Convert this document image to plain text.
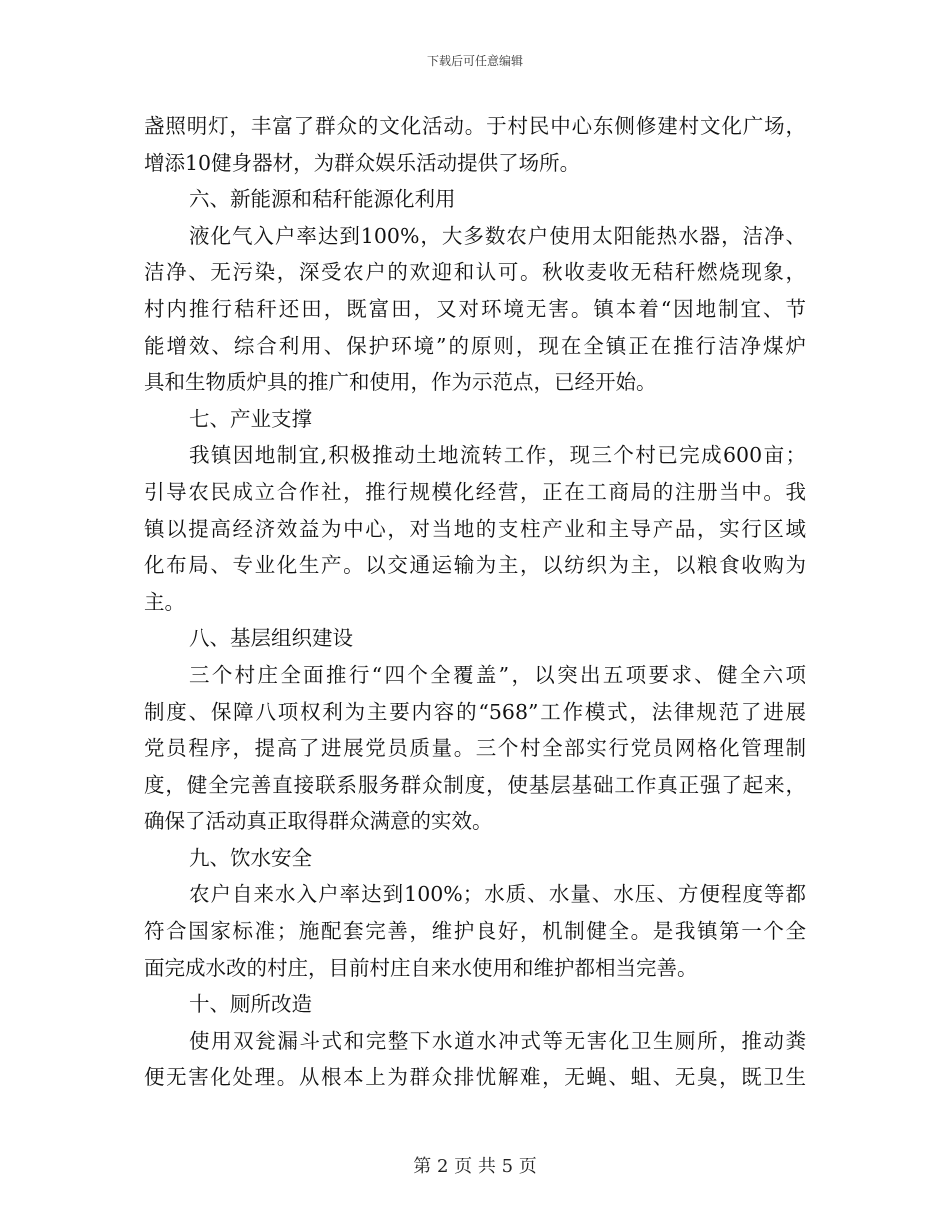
下载后可任意编辑
盏照明灯，丰富了群众的文化活动。于村民中心东侧修建村文化广场，
增添10健身器材，为群众娱乐活动提供了场所。
六、新能源和秸秆能源化利用
液化气入户率达到100%，大多数农户使用太阳能热水器，洁净、
洁净、无污染，深受农户的欢迎和认可。秋收麦收无秸秆燃烧现象，
村内推行秸秆还田，既富田，又对环境无害。镇本着“因地制宜、节
能增效、综合利用、保护环境”的原则，现在全镇正在推行洁净煤炉
具和生物质炉具的推广和使用，作为示范点，已经开始。
七、产业支撑
我镇因地制宜,积极推动土地流转工作，现三个村已完成600亩；
引导农民成立合作社，推行规模化经营，正在工商局的注册当中。我
镇以提高经济效益为中心，对当地的支柱产业和主导产品，实行区域
化布局、专业化生产。以交通运输为主，以纺织为主，以粮食收购为
主。
八、基层组织建设
三个村庄全面推行“四个全覆盖”，以突出五项要求、健全六项
制度、保障八项权利为主要内容的“568”工作模式，法律规范了进展
党员程序，提高了进展党员质量。三个村全部实行党员网格化管理制
度，健全完善直接联系服务群众制度，使基层基础工作真正强了起来，
确保了活动真正取得群众满意的实效。
九、饮水安全
农户自来水入户率达到100%；水质、水量、水压、方便程度等都
符合国家标准；施配套完善，维护良好，机制健全。是我镇第一个全
面完成水改的村庄，目前村庄自来水使用和维护都相当完善。
十、厕所改造
使用双瓮漏斗式和完整下水道水冲式等无害化卫生厕所，推动粪
便无害化处理。从根本上为群众排忧解难，无蝇、蛆、无臭，既卫生
第 2 页 共 5 页
